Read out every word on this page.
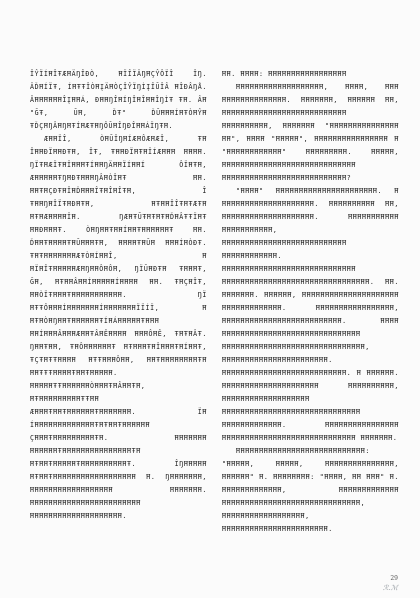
ÎŶÏÍĦÎŦÆĦÄŊÎĐÒ, ĦÏÎÏÄŊĦÇŶÔÏÎ ÎŊ. ÄĎĦÍÏŦ, ÍĦŦŦÎÒĦĮÄĦÒÇÎŶÏŊÌĮÎŨÎÂ ĦÎĐÂŊÅ. ÂĦĦĦĦĦĦÎĮĦĦÁ, ĐĦĦŊÎĦÍŊÎĦÎĦĦÎŊÌŦ ŦĦ. ÂĦ "ĞŦ, ŨĦ, ĎŦ" ĎŨĦĦĦÍĦŦÒĦŶĦ ŦĎÇĦŊÂĦŊĦŦÍĦÆŦĦŊÔŨĦÎŊĐÎĦĦÁÏŊŦĦ.

ÆĦĦÏÎ, ÒĦŨÎŊĦÍÆĦÔÆĦÆÎ, ŦĦ ÎĦĦĐÏĦĦĐŦĦ, ÎŦ, ŦĦĦĐÏĦŦĦÏÍÆĦĦĦ ĦĦĦĦ. ŊÏŦĦÆÏŦĦÏĦĦĦŦÍĦĦŊÄĦĦÏÍĦĦÍ ÔÏĦŦĦ, ÆĦĦĦĦĦŦŊĦĐŦĦĦĦŊÂĦÒÎĦŦ ĦĦ. ĦĦŦĦÇĐŦĦÎĦĎĦĦĦÎŦĦÎĦÎŦĦ, Î ŦĦĦŊĦÎÏŦĦĐĦŦĦ, ĦŦĦĦÎÎŦĦŦÆŦĦ ĦŦĦÆĦĦĦĦÏĦ. ŊÆĦŦŨŦĦŦĦŦĦĎĦÂŦŦÏĦŦ ĦĦĐĦĦĦŦ. ÒĦŊĦĦŦĦĦÍĦĦŦĦĦĦĦĦĦŦ ĦĦ. ĎĦĦŦĦĦĦĦŦĦŨĦĦĦŦĦ, ĦĦĦĦŦĦŨĦ ĦĦĦÍĦÒĐŦ. ŦĦŦĦĦĦĦĦĦĦÆŦÒĦÍĦĦÎ, Ħ ĦÏĦÎŦĦĦĦĦĦÆĦŊĦĦÔĦÔĦ, ŊÏŨĦĐŦĦ ŦĦĦĦŦ, ĞĦ, ĦŦĦĦÂĦĦÍĦĦĦĦĦÍĦĦĦĦ ĦĦ. ŦĦÇĦÎŦ, ĦĦÒÏŦĦĦĦŦĦĦĦĦĦĦĦĦĦĦĦ. ŊÏ ĦŦŦÔĦĦĦÍĦĦĦĦĦĦĦÍĦĦĦĦĦĦĦÏÏÍÏ, Ħ ĦŦĦÒĦŊĦĦŦĦĦĦĦĦĦŦÍĦÁĦĦĦĦĦŦĦĦĦ ĦĦÍĦĦĦÂĦĦĦÆĦĦŦÂĦÊĦĦĦĦ ĦĦĦÔĦÊ, ŦĦŦĦÂŦ. ŊĦĦŦĦĦ, ŦĦÔĦĦĦĦĦĦŦ ĦŦĦĦĦŦĦÎĦĦĦŦĦÍĦĦŦ, ŦÇŦĦŦŦĦĦĦĦ ĦŦŦĦĦĦÔĦĦ, ĦĦŦĦĦĦĦĦĦĦĦŦĦ ĦĦŦŦŦĦĦĦĦŦĦĦŦĦĦĦĦĦ. ĦĦĦĦĦŦŦĦĦĦĦĦĦÒĦĦĦŦĦÂĦĦŦĦ, ĦŦĦĦĦĦĦĦĦĦĦŦŦĦĦ ÆĦĦĦŦĦĦŦĦĦĦĦĦĦŦĦĦĦĦĦĦĦ. ÏĦ ÍĦĦĦĦĦĦĦĦĦĦĦĦĦŦĦŦĦĦŦĦĦĦĦĦĦ ÇĦĦĦŦĦĦĦĦĦĦĦĦĦŦĦ. ĦĦĦĦĦĦĦ ĦĦĦĦĦĦŦĦĦĦĦĦĦĦĦĦĦĦĦĦĦĦŦĦ ĦŦĦĦŦĦĦĦĦĦŦĦĦĦĦĦĦĦĦĦĦŦ. ÎŊĦĦĦĦĦ ĦŦĦĦŦĦĦĦĦĦĦĦĦĦĦĦĦĦĦĦĦĦĦ Ħ. ŊĦĦĦĦĦĦĦ, ĦĦĦĦĦĦĦĦĦĦĦĦĦĦĦĦĦĦ ĦĦĦĦĦĦĦ. ĦĦĦĦĦĦĦĦĦĦĦĦĦĦĦĦĦĦĦĦĦĦĦĦ ĦĦĦĦĦĦĦĦĦĦĦĦĦĦĦĦĦĦĦĦ.

ĦĦ. ĦĦĦĦ: ĦĦĦĦĦĦĦĦĦĦĦĦĦĦĦĦĦ

ĦĦĦĦĦĦĦĦĦĦĦĦĦĦĦĦĦĦĦ, ĦĦĦĦ, ĦĦĦ ĦĦĦĦĦĦĦĦĦĦĦĦĦĦ. ĦĦĦĦĦĦĦ, ĦĦĦĦĦĦ ĦĦ, ĦĦĦĦĦĦĦĦĦĦĦĦĦĦĦĦĦĦĦĦĦĦĦĦĦĦĦ ĦĦĦĦĦĦĦĦĦĦ, ĦĦĦĦĦĦĦ "ĦĦĦĦĦĦĦĦĦĦĦĦĦĦĦ ĦĦ", ĦĦĦĦ "ĦĦĦĦĦ", ĦĦĦĦĦĦĦĦĦĦĦĦĦĦĦĦ Ħ "ĦĦĦĦĦĦĦĦĦĦĦĦ" ĦĦĦĦĦĦĦĦĦ. ĦĦĦĦĦ, ĦĦĦĦĦĦĦĦĦĦĦĦĦĦĦĦĦĦĦĦĦĦĦĦĦĦĦĦĦ ĦĦĦĦĦĦĦĦĦĦĦĦĦĦĦĦĦĦĦĦĦĦĦĦĦĦĦ?

"ĦĦĦĦ" ĦĦĦĦĦĦĦĦĦĦĦĦĦĦĦĦĦĦĦĦĦĦ. Ħ ĦĦĦĦĦĦĦĦĦĦĦĦĦĦĦĦĦĦĦĦ. ĦĦĦĦĦĦĦĦĦĦ ĦĦ, ĦĦĦĦĦĦĦĦĦĦĦĦĦĦĦĦĦĦĦĦ. ĦĦĦĦĦĦĦĦĦĦĦ ĦĦĦĦĦĦĦĦĦĦĦ, ĦĦĦĦĦĦĦĦĦĦĦĦĦĦĦĦĦĦĦĦĦĦĦĦĦĦĦ ĦĦĦĦĦĦĦĦĦĦĦĦ. ĦĦĦĦĦĦĦĦĦĦĦĦĦĦĦĦĦĦĦĦĦĦĦĦĦĦĦĦĦ ĦĦĦĦĦĦĦĦĦĦĦĦĦĦĦĦĦĦĦĦĦĦĦĦĦĦĦĦĦĦĦĦ. ĦĦ. ĦĦĦĦĦĦĦ. ĦĦĦĦĦĦ, ĦĦĦĦĦĦĦĦĦĦĦĦĦĦĦĦĦĦĦĦĦ ĦĦĦĦĦĦĦĦĦĦĦĦĦ. ĦĦĦĦĦĦĦĦĦĦĦĦĦĦĦĦĦ, ĦĦĦĦĦĦĦĦĦĦĦĦĦĦĦĦĦĦĦĦĦĦĦĦĦĦ. ĦĦĦĦ ĦĦĦĦĦĦĦĦĦĦĦĦĦĦĦĦĦĦĦĦĦĦĦĦĦĦĦĦĦĦ ĦĦĦĦĦĦĦĦĦĦĦĦĦĦĦĦĦĦĦĦĦĦĦĦĦĦĦĦĦĦĦ, ĦĦĦĦĦĦĦĦĦĦĦĦĦĦĦĦĦĦĦĦĦĦĦ. ĦĦĦĦĦĦĦĦĦĦĦĦĦĦĦĦĦĦĦĦĦĦĦĦĦĦĦ. Ħ ĦĦĦĦĦĦ. ĦĦĦĦĦĦĦĦĦĦĦĦĦĦĦĦĦĦĦĦĦ ĦĦĦĦĦĦĦĦĦĦ, ĦĦĦĦĦĦĦĦĦĦĦĦĦĦĦĦĦĦĦ ĦĦĦĦĦĦĦĦĦĦĦĦĦĦĦĦĦĦĦĦĦĦĦĦĦĦĦĦĦĦ ĦĦĦĦĦĦĦĦĦĦĦĦĦ. ĦĦĦĦĦĦĦĦĦĦĦĦĦĦĦĦ ĦĦĦĦĦĦĦĦĦĦĦĦĦĦĦĦĦĦĦĦĦĦĦĦĦĦĦĦĦ ĦĦĦĦĦĦĦ.

ĦĦĦĦĦĦĦĦĦĦĦĦĦĦĦĦĦĦĦĦĦĦĦĦĦĦĦĦ: "ĦĦĦĦĦ, ĦĦĦĦĦ, ĦĦĦĦĦĦĦĦĦĦĦĦĦĦĦ, ĦĦĦĦĦĦ" Ħ. ĦĦĦĦĦĦĦĦ: "ĦĦĦĦ, ĦĦ ĦĦĦ" Ħ. ĦĦĦĦĦĦĦĦĦĦĦĦĦ, ĦĦĦĦĦĦĦĦĦĦĦĦĦ ĦĦĦĦĦĦĦĦĦĦĦĦĦĦĦĦĦĦĦĦĦĦĦĦĦĦĦĦĦĦ, ĦĦĦĦĦĦĦĦĦĦĦĦĦĦĦĦĦĦ, ĦĦĦĦĦĦĦĦĦĦĦĦĦĦĦĦĦĦĦĦĦĦĦ.

29
ℛ.ℳ
